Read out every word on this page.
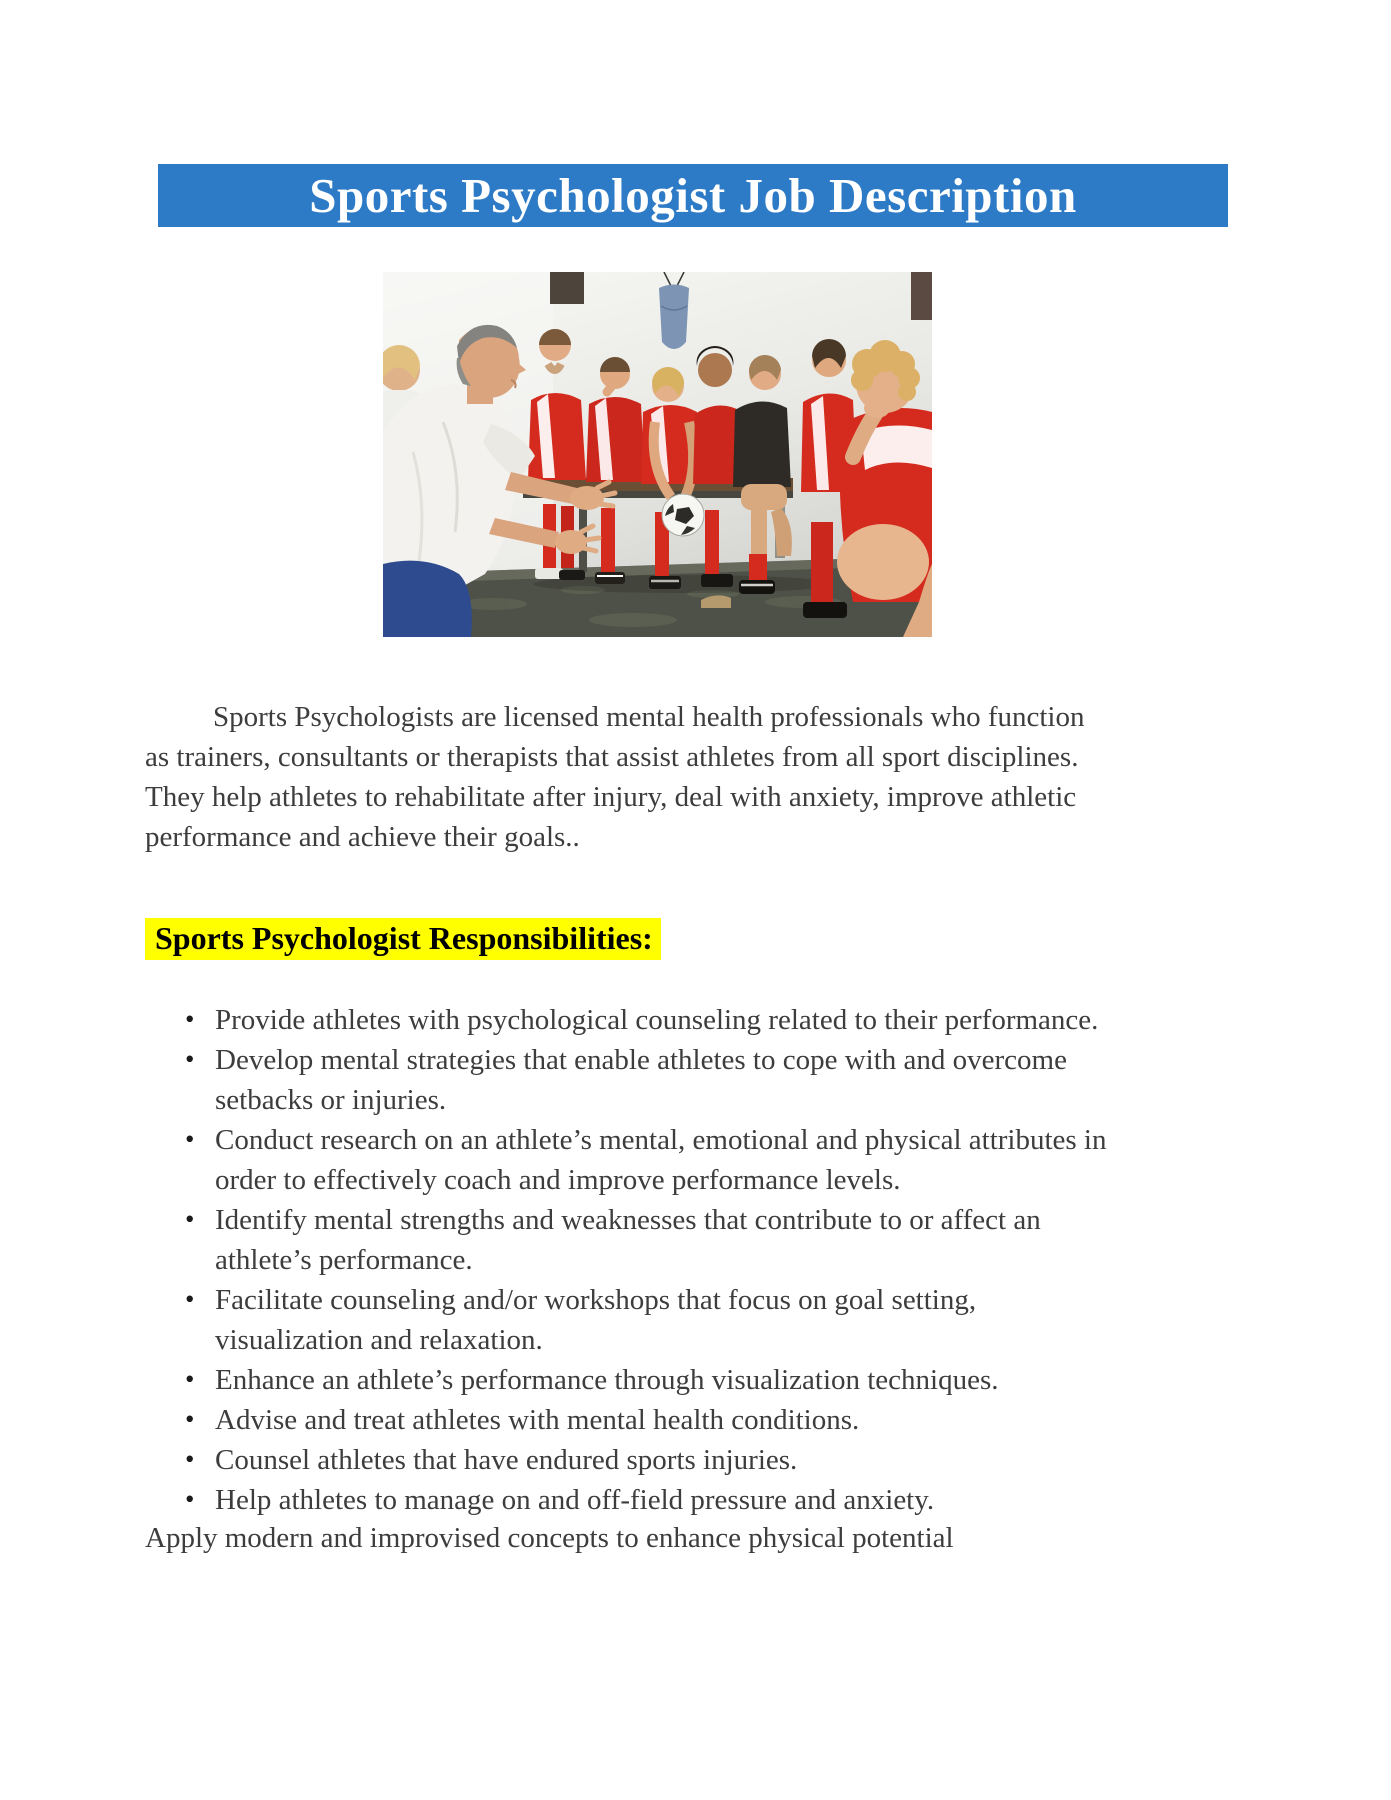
Sports Psychologist Job Description
Sports Psychologists are licensed mental health professionals who function
as trainers, consultants or therapists that assist athletes from all sport disciplines.
They help athletes to rehabilitate after injury, deal with anxiety, improve athletic
performance and achieve their goals..
Sports Psychologist Responsibilities:
• Provide athletes with psychological counseling related to their performance.
• Develop mental strategies that enable athletes to cope with and overcome
setbacks or injuries.
• Conduct research on an athlete’s mental, emotional and physical attributes in
order to effectively coach and improve performance levels.
• Identify mental strengths and weaknesses that contribute to or affect an
athlete’s performance.
• Facilitate counseling and/or workshops that focus on goal setting,
visualization and relaxation.
• Enhance an athlete’s performance through visualization techniques.
• Advise and treat athletes with mental health conditions.
• Counsel athletes that have endured sports injuries.
• Help athletes to manage on and off-field pressure and anxiety.

Apply modern and improvised concepts to enhance physical potential
